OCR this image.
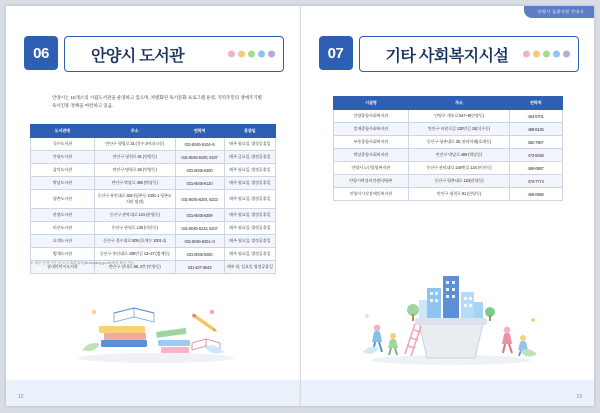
06	안양시 도서관
안양시는 10개소의 시립도서관을 운영하고 있으며, 차별화된 독서문화 프로그램 운영, 지역주민의 생애주기별 독서진흥 정책을 마련하고 있음.
도서관명	주소	연락처	휴관일
석수도서관	만안구 행림로 31 (석수 3어파크동)	031-8045-6104~5	매주 월요일, 법정공휴일
안양도서관	만안구 냉천로 91 (안양동)	031-8045-6100, 6197	매주 금요일, 법정공휴일
삼덕도서관	만안구 명학로 56 (안양동)	031-8045-6300	매주 월요일, 법정공휴일
박달도서관	만안구 박달로 459 (박달동)	031-8045-6120	매주 월요일, 법정공휴일
평촌도서관	동안구 흥안대로 492 (평촌동 1001-1 평촌도서관 별관)	031-8045-6204, 6223	매주 월요일, 법정공휴일
관양도서관	동안구 관악대로 124 (관양동)	031-8045-6309	매주 월요일, 법정공휴일
비산도서관	동안구 관평로 138 (비산동)	031-8045-6243, 6237	매주 월요일, 법정공휴일
호계도서관	동안구 경수대로 609 (호계동 1001-1)	031-8045-6201~3	매주 월요일, 법정공휴일
범계도서관	동안구 흥안대로 435번길 13~27 (범계동)	031-8045-6250	매주 월요일, 법정공휴일
장내어린이도서관	만안구 장내로 66, 3층 (안양동)	031-427-3643	매주 월, 일요일 법정공휴일
※ 세부 운영시간 및 도서 휴관일자(lib.anyang.go.kr)에서 확인 가능
12
안양시 돌봄지원 안내서
07	기타 사회복지시설
시설명	주소	연락처
안양종합사회복지관	안양구 개통로 547~9(안양동)	464-6701
불재종합사회복지관	만안구 직원로길 130번길 18(석수동)	468-9135
부흥종합사회복지관	동안구 평촌대로 36, 관악마해(호계동)	382-7957
박달종합사회복지관	만안구 박달로 459 (박달동)	473-5038
안양시노인종합복지관	동안구 관악대로 148번길 134 (비산동)	469-0957
안양시여성비전센터/평촌	동안구 평촌대로 110(관양동)	473-7774
안양시시각장애인복지관	만안구 냉천로 91 (안양동)	468-0966
13
